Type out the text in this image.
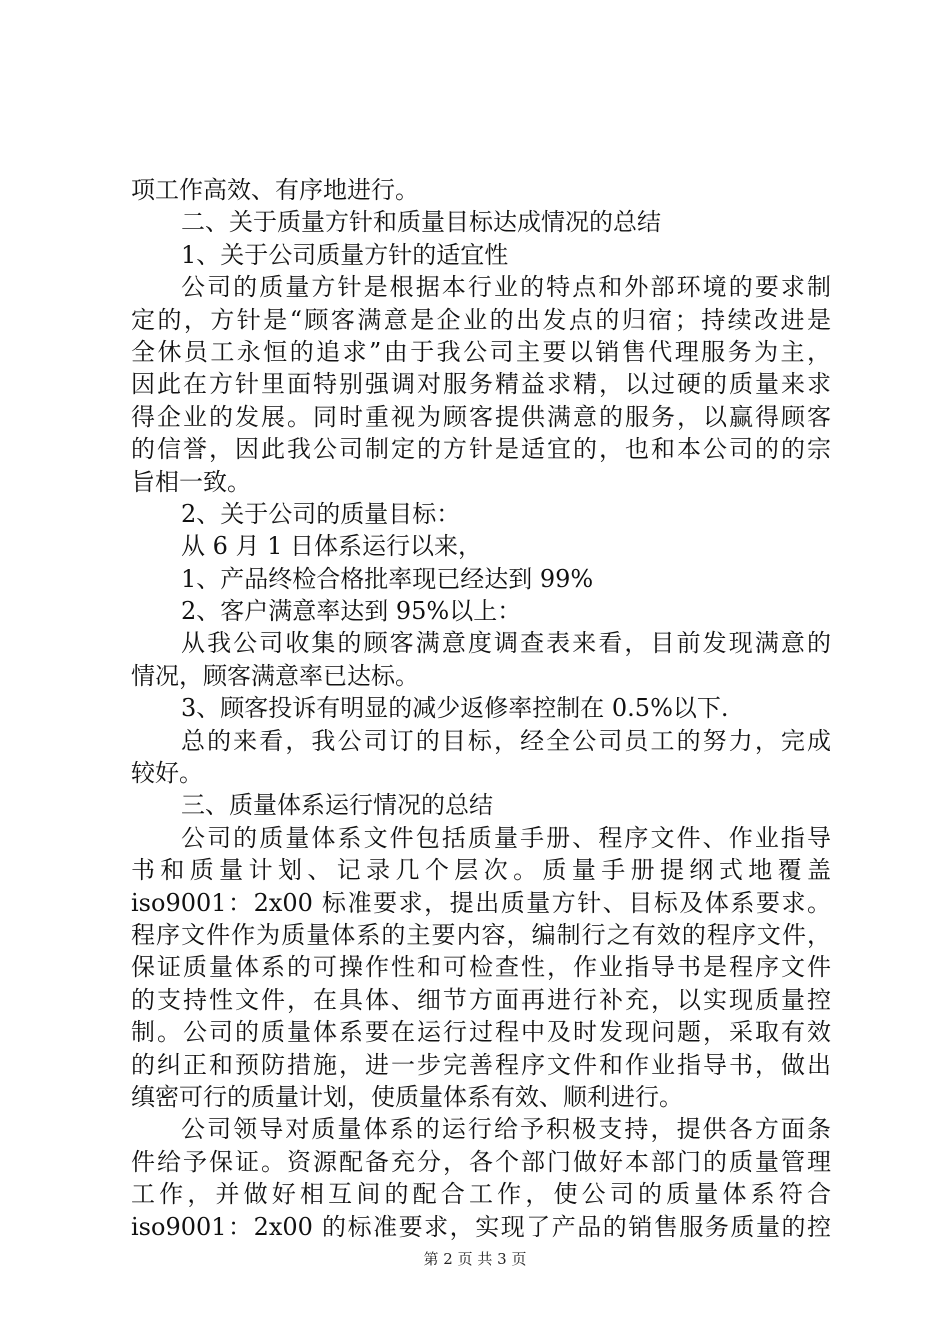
项工作高效、有序地进行。
二、关于质量方针和质量目标达成情况的总结
1、关于公司质量方针的适宜性
公司的质量方针是根据本行业的特点和外部环境的要求制
定的，方针是“顾客满意是企业的出发点的归宿；持续改进是
全休员工永恒的追求”由于我公司主要以销售代理服务为主，
因此在方针里面特别强调对服务精益求精，以过硬的质量来求
得企业的发展。同时重视为顾客提供满意的服务，以赢得顾客
的信誉，因此我公司制定的方针是适宜的，也和本公司的的宗
旨相一致。
2、关于公司的质量目标：
从 6 月 1 日体系运行以来，
1、产品终检合格批率现已经达到 99%
2、客户满意率达到 95%以上：
从我公司收集的顾客满意度调查表来看，目前发现满意的
情况，顾客满意率已达标。
3、顾客投诉有明显的减少返修率控制在 0.5%以下.
总的来看，我公司订的目标，经全公司员工的努力，完成
较好。
三、质量体系运行情况的总结
公司的质量体系文件包括质量手册、程序文件、作业指导
书和质量计划、记录几个层次。质量手册提纲式地覆盖
iso9001：2x00 标准要求，提出质量方针、目标及体系要求。
程序文件作为质量体系的主要内容，编制行之有效的程序文件，
保证质量体系的可操作性和可检查性，作业指导书是程序文件
的支持性文件，在具体、细节方面再进行补充，以实现质量控
制。公司的质量体系要在运行过程中及时发现问题，采取有效
的纠正和预防措施，进一步完善程序文件和作业指导书，做出
缜密可行的质量计划，使质量体系有效、顺利进行。
公司领导对质量体系的运行给予积极支持，提供各方面条
件给予保证。资源配备充分，各个部门做好本部门的质量管理
工作，并做好相互间的配合工作，使公司的质量体系符合
iso9001：2x00 的标准要求，实现了产品的销售服务质量的控
第 2 页 共 3 页
